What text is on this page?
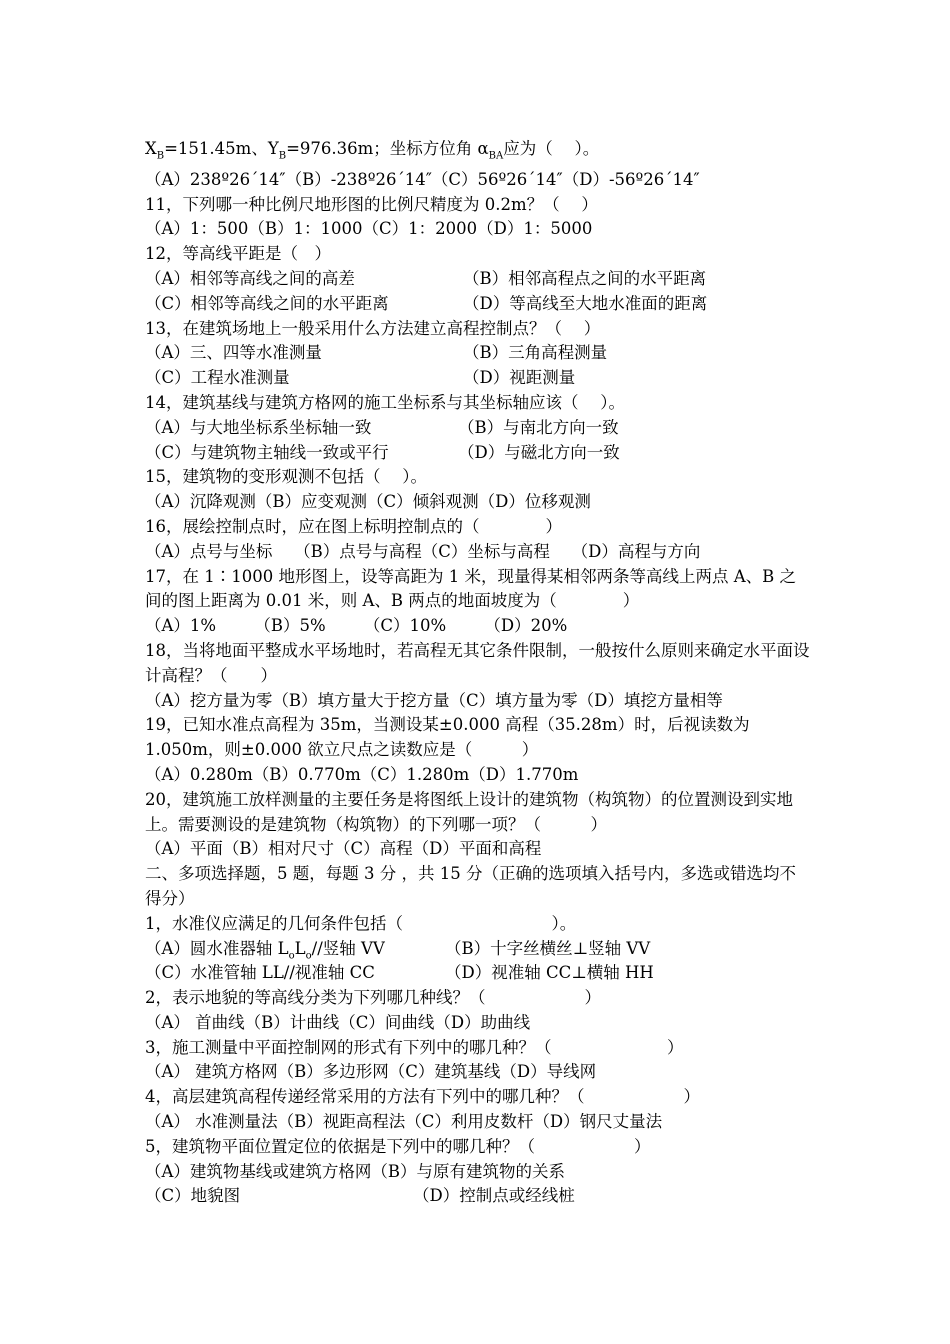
$X_B=151.45m$、$Y_B=976.36m$；坐标方位角 $\alpha_{BA}$应为（　 ）。
（A）238º26΄14″（B）-238º26΄14″（C）56º26΄14″（D）-56º26΄14″
11，下列哪一种比例尺地形图的比例尺精度为 0.2m？（　 ）
（A）1：500（B）1：1000（C）1：2000（D）1：5000
12，等高线平距是（　）
（A）相邻等高线之间的高差	（B）相邻高程点之间的水平距离
（C）相邻等高线之间的水平距离	（D）等高线至大地水准面的距离
13，在建筑场地上一般采用什么方法建立高程控制点？（　 ）
（A）三、四等水准测量	（B）三角高程测量
（C）工程水准测量	（D）视距测量
14，建筑基线与建筑方格网的施工坐标系与其坐标轴应该（　 ）。
（A）与大地坐标系坐标轴一致	（B）与南北方向一致
（C）与建筑物主轴线一致或平行	（D）与磁北方向一致
15，建筑物的变形观测不包括（　 ）。
（A）沉降观测（B）应变观测（C）倾斜观测（D）位移观测
16，展绘控制点时，应在图上标明控制点的（　　　　）
（A）点号与坐标　 （B）点号与高程（C）坐标与高程　 （D）高程与方向
17，在 1∶1000 地形图上，设等高距为 1 米，现量得某相邻两条等高线上两点 A、B 之间的图上距离为 0.01 米，则 A、B 两点的地面坡度为（　　　　）
（A）1%　　 （B）5%　　 （C）10%　　 （D）20%
18，当将地面平整成水平场地时，若高程无其它条件限制，一般按什么原则来确定水平面设计高程？（　　）
（A）挖方量为零（B）填方量大于挖方量（C）填方量为零（D）填挖方量相等
19，已知水准点高程为 35m，当测设某±0.000 高程（35.28m）时，后视读数为 1.050m，则±0.000 欲立尺点之读数应是（　　　）
（A）0.280m（B）0.770m（C）1.280m（D）1.770m
20，建筑施工放样测量的主要任务是将图纸上设计的建筑物（构筑物）的位置测设到实地上。需要测设的是建筑物（构筑物）的下列哪一项？（　　　）
（A）平面（B）相对尺寸（C）高程（D）平面和高程
二、多项选择题，5 题，每题 3 分 ，共 15 分（正确的选项填入括号内，多选或错选均不得分）
1，水准仪应满足的几何条件包括（　　　　　　　　　）。
（A）圆水准器轴 $L_oL_o//$竖轴 VV	（B）十字丝横丝⊥竖轴 VV
（C）水准管轴 LL//视准轴 CC	（D）视准轴 CC⊥横轴 HH
2，表示地貌的等高线分类为下列哪几种线？（　　　　　　）
（A） 首曲线（B）计曲线（C）间曲线（D）助曲线
3，施工测量中平面控制网的形式有下列中的哪几种？（　　　　　　　）
（A） 建筑方格网（B）多边形网（C）建筑基线（D）导线网
4，高层建筑高程传递经常采用的方法有下列中的哪几种？（　　　　　　）
（A） 水准测量法（B）视距高程法（C）利用皮数杆（D）钢尺丈量法
5，建筑物平面位置定位的依据是下列中的哪几种？（　　　　　　）
（A）建筑物基线或建筑方格网（B）与原有建筑物的关系
（C）地貌图	（D）控制点或经线桩
